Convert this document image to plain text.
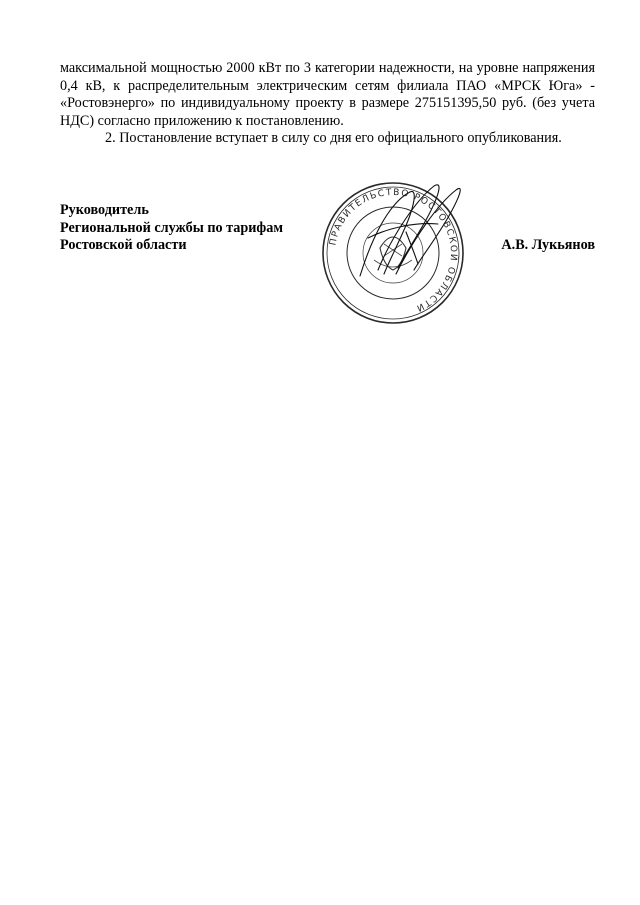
максимальной мощностью 2000 кВт по 3 категории надежности, на уровне напряжения 0,4 кВ, к распределительным электрическим сетям филиала ПАО «МРСК Юга» - «Ростовэнерго» по индивидуальному проекту в размере 275151395,50 руб. (без учета НДС) согласно приложению к постановлению.

2. Постановление вступает в силу со дня его официального опубликования.

ПРАВИТЕЛЬСТВО РОСТОВСКОЙ ОБЛАСТИ
Руководитель
Региональной службы по тарифам
Ростовской области	А.В. Лукьянов
